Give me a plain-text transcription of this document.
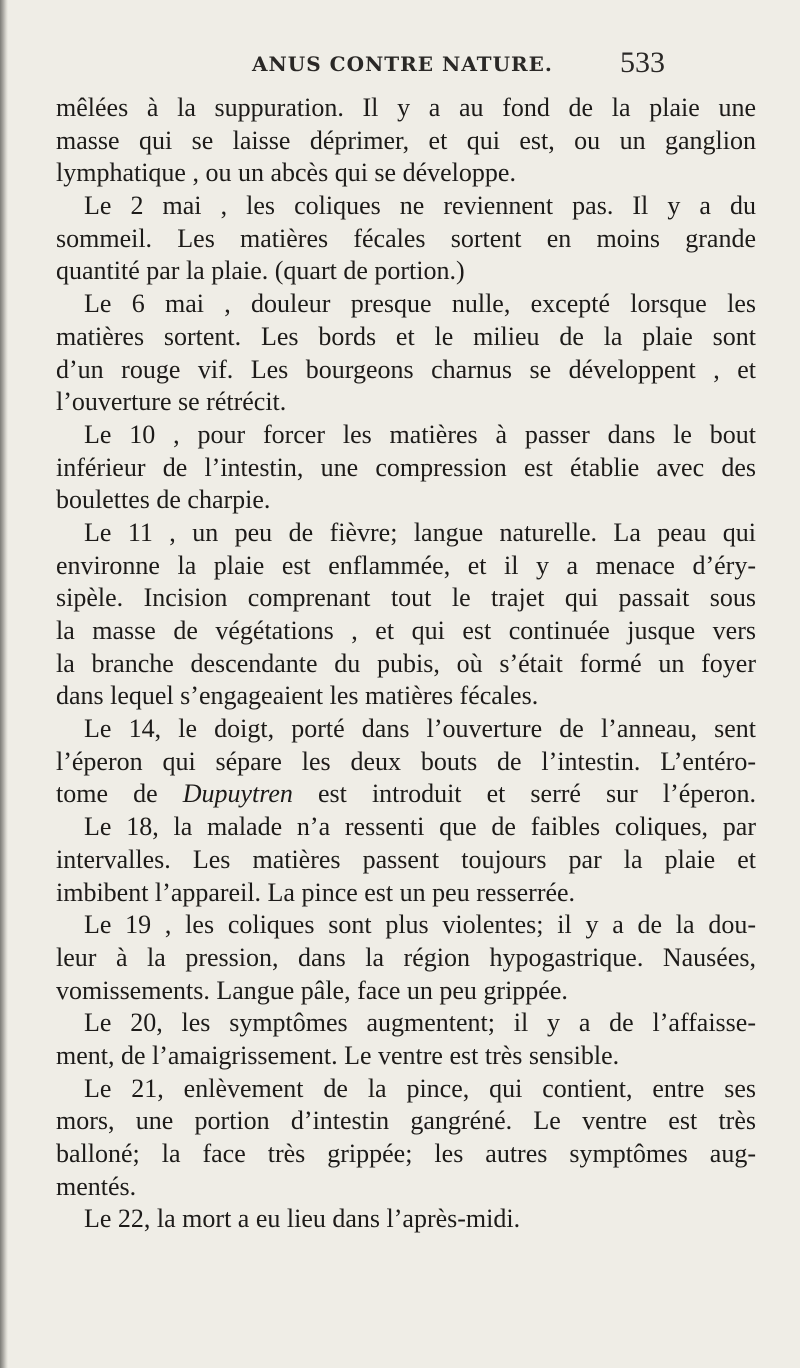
ANUS CONTRE NATURE. 533
mêlées à la suppuration. Il y a au fond de la plaie une
masse qui se laisse déprimer, et qui est, ou un ganglion
lymphatique , ou un abcès qui se développe.
Le 2 mai , les coliques ne reviennent pas. Il y a du
sommeil. Les matières fécales sortent en moins grande
quantité par la plaie. (quart de portion.)
Le 6 mai , douleur presque nulle, excepté lorsque les
matières sortent. Les bords et le milieu de la plaie sont
d’un rouge vif. Les bourgeons charnus se développent , et
l’ouverture se rétrécit.
Le 10 , pour forcer les matières à passer dans le bout
inférieur de l’intestin, une compression est établie avec des
boulettes de charpie.
Le 11 , un peu de fièvre; langue naturelle. La peau qui
environne la plaie est enflammée, et il y a menace d’éry-
sipèle. Incision comprenant tout le trajet qui passait sous
la masse de végétations , et qui est continuée jusque vers
la branche descendante du pubis, où s’était formé un foyer
dans lequel s’engageaient les matières fécales.
Le 14, le doigt, porté dans l’ouverture de l’anneau, sent
l’éperon qui sépare les deux bouts de l’intestin. L’entéro-
tome de Dupuytren est introduit et serré sur l’éperon.
Le 18, la malade n’a ressenti que de faibles coliques, par
intervalles. Les matières passent toujours par la plaie et
imbibent l’appareil. La pince est un peu resserrée.
Le 19 , les coliques sont plus violentes; il y a de la dou-
leur à la pression, dans la région hypogastrique. Nausées,
vomissements. Langue pâle, face un peu grippée.
Le 20, les symptômes augmentent; il y a de l’affaisse-
ment, de l’amaigrissement. Le ventre est très sensible.
Le 21, enlèvement de la pince, qui contient, entre ses
mors, une portion d’intestin gangréné. Le ventre est très
balloné; la face très grippée; les autres symptômes aug-
mentés.
Le 22, la mort a eu lieu dans l’après-midi.
